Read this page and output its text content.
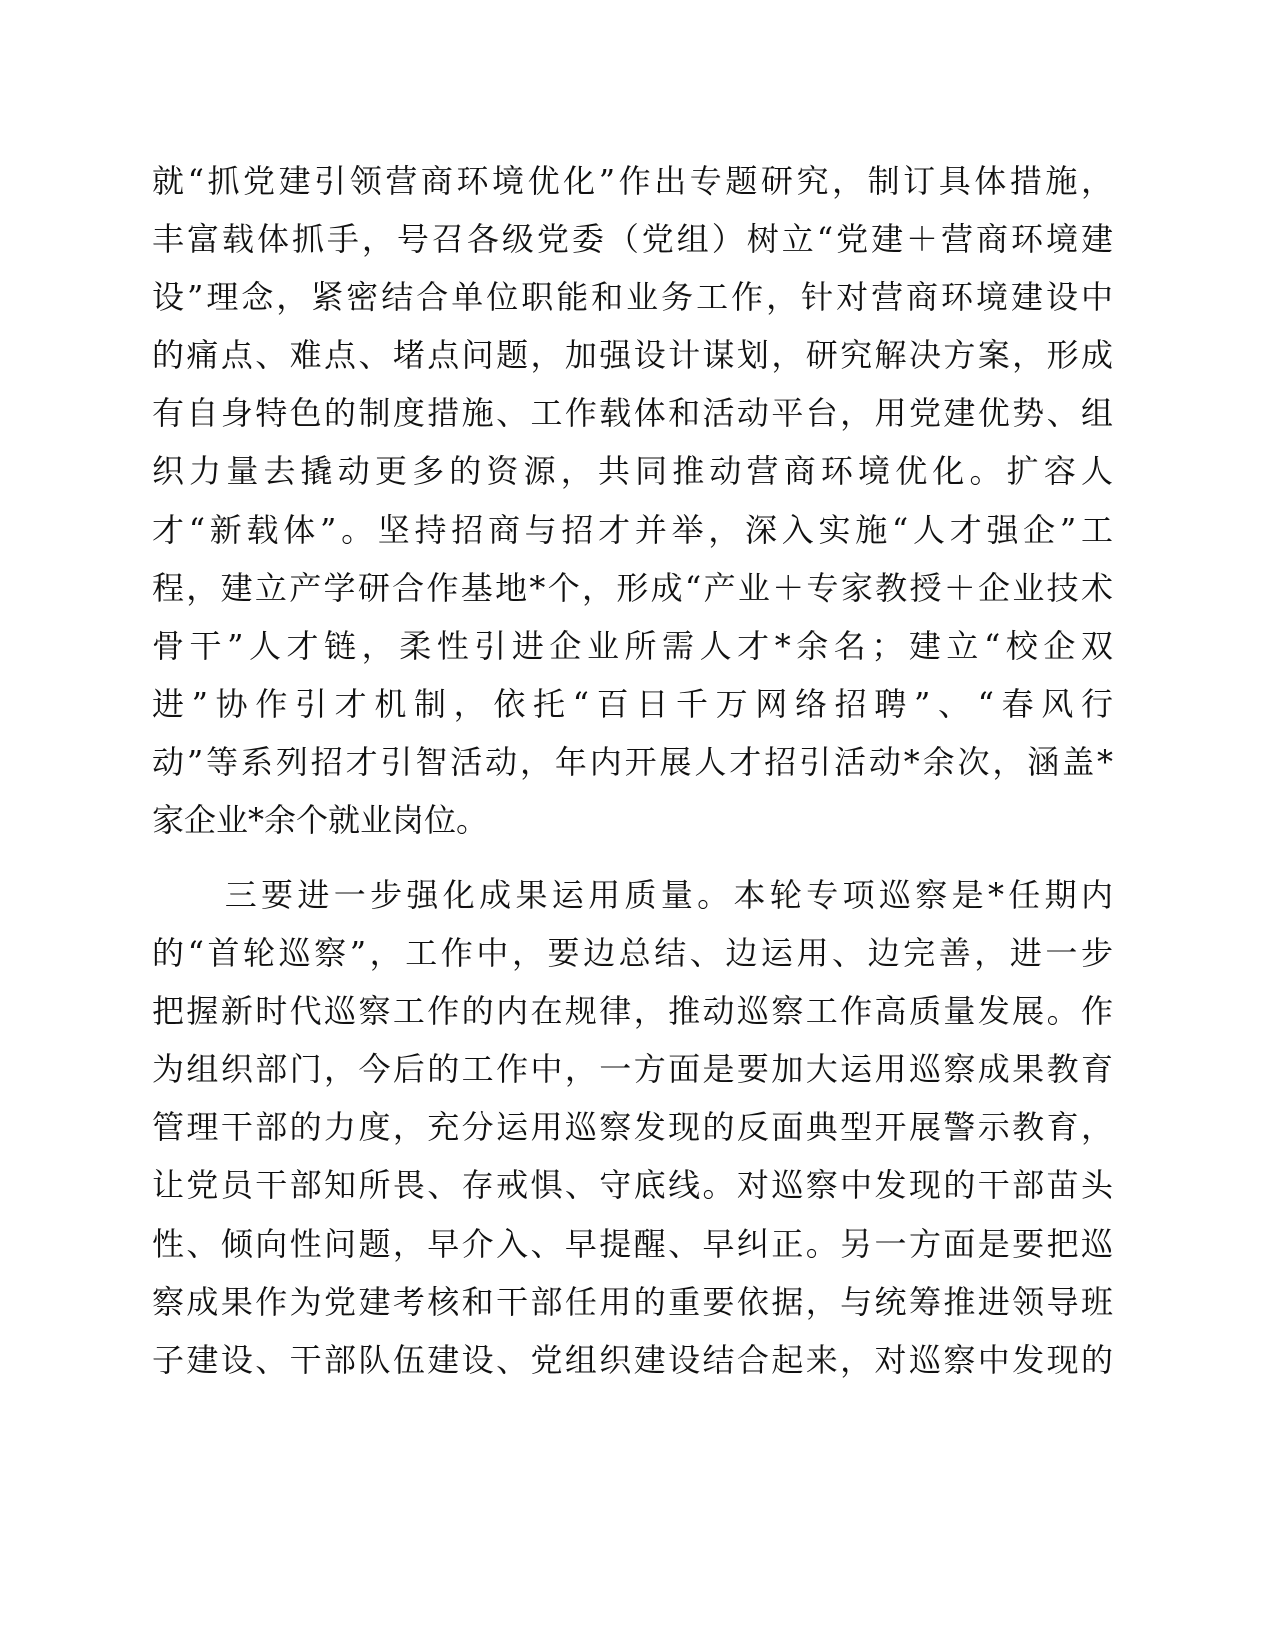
就“抓党建引领营商环境优化”作出专题研究，制订具体措施，
丰富载体抓手，号召各级党委（党组）树立“党建＋营商环境建
设”理念，紧密结合单位职能和业务工作，针对营商环境建设中
的痛点、难点、堵点问题，加强设计谋划，研究解决方案，形成
有自身特色的制度措施、工作载体和活动平台，用党建优势、组
织力量去撬动更多的资源，共同推动营商环境优化。扩容人
才“新载体”。坚持招商与招才并举，深入实施“人才强企”工
程，建立产学研合作基地*个，形成“产业＋专家教授＋企业技术
骨干”人才链，柔性引进企业所需人才*余名；建立“校企双
进”协作引才机制，依托“百日千万网络招聘”、“春风行
动”等系列招才引智活动，年内开展人才招引活动*余次，涵盖*
家企业*余个就业岗位。
　　三要进一步强化成果运用质量。本轮专项巡察是*任期内
的“首轮巡察”，工作中，要边总结、边运用、边完善，进一步
把握新时代巡察工作的内在规律，推动巡察工作高质量发展。作
为组织部门，今后的工作中，一方面是要加大运用巡察成果教育
管理干部的力度，充分运用巡察发现的反面典型开展警示教育，
让党员干部知所畏、存戒惧、守底线。对巡察中发现的干部苗头
性、倾向性问题，早介入、早提醒、早纠正。另一方面是要把巡
察成果作为党建考核和干部任用的重要依据，与统筹推进领导班
子建设、干部队伍建设、党组织建设结合起来，对巡察中发现的
